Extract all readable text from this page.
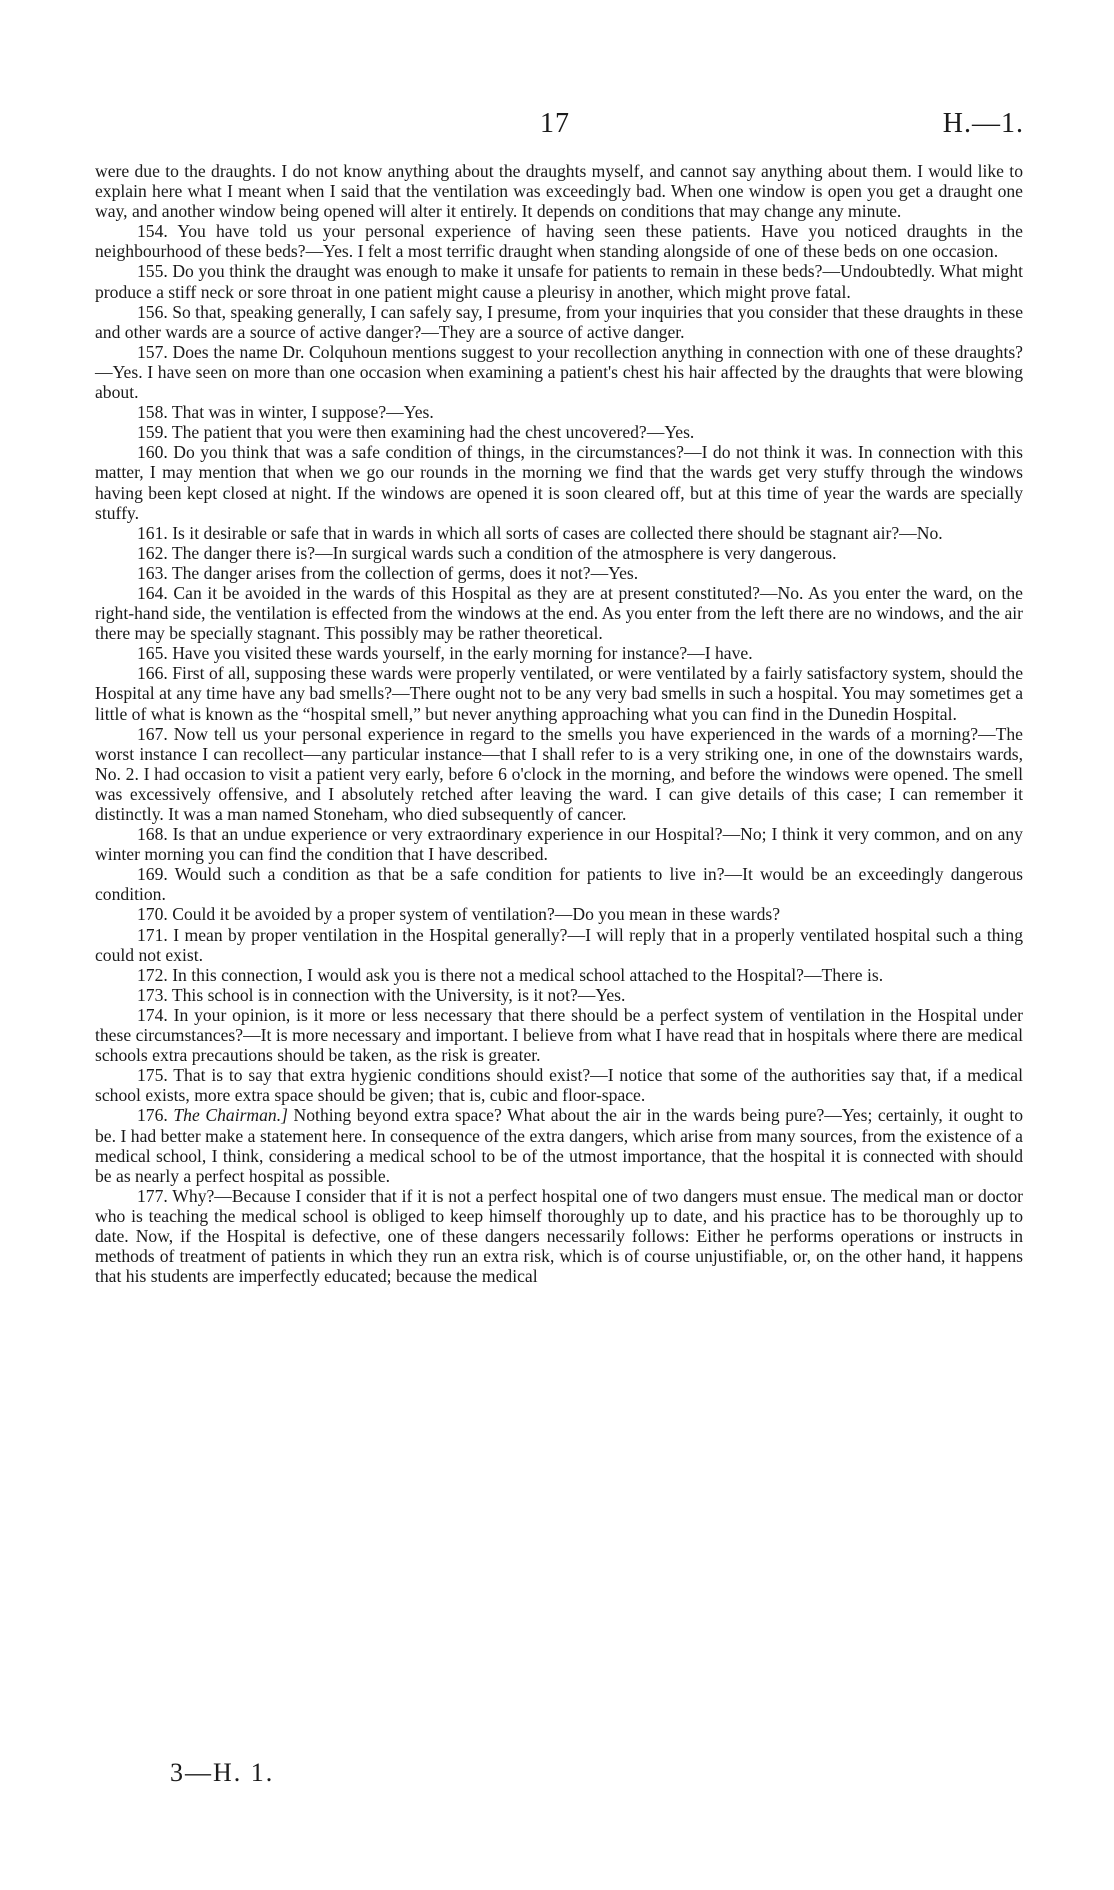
17	H.—1.

were due to the draughts. I do not know anything about the draughts myself, and cannot say anything about them. I would like to explain here what I meant when I said that the ventilation was exceedingly bad. When one window is open you get a draught one way, and another window being opened will alter it entirely. It depends on conditions that may change any minute.

154. You have told us your personal experience of having seen these patients. Have you noticed draughts in the neighbourhood of these beds?—Yes. I felt a most terrific draught when standing alongside of one of these beds on one occasion.

155. Do you think the draught was enough to make it unsafe for patients to remain in these beds?—Undoubtedly. What might produce a stiff neck or sore throat in one patient might cause a pleurisy in another, which might prove fatal.

156. So that, speaking generally, I can safely say, I presume, from your inquiries that you consider that these draughts in these and other wards are a source of active danger?—They are a source of active danger.

157. Does the name Dr. Colquhoun mentions suggest to your recollection anything in connection with one of these draughts?—Yes. I have seen on more than one occasion when examining a patient's chest his hair affected by the draughts that were blowing about.

158. That was in winter, I suppose?—Yes.

159. The patient that you were then examining had the chest uncovered?—Yes.

160. Do you think that was a safe condition of things, in the circumstances?—I do not think it was. In connection with this matter, I may mention that when we go our rounds in the morning we find that the wards get very stuffy through the windows having been kept closed at night. If the windows are opened it is soon cleared off, but at this time of year the wards are specially stuffy.

161. Is it desirable or safe that in wards in which all sorts of cases are collected there should be stagnant air?—No.

162. The danger there is?—In surgical wards such a condition of the atmosphere is very dangerous.

163. The danger arises from the collection of germs, does it not?—Yes.

164. Can it be avoided in the wards of this Hospital as they are at present constituted?—No. As you enter the ward, on the right-hand side, the ventilation is effected from the windows at the end. As you enter from the left there are no windows, and the air there may be specially stagnant. This possibly may be rather theoretical.

165. Have you visited these wards yourself, in the early morning for instance?—I have.

166. First of all, supposing these wards were properly ventilated, or were ventilated by a fairly satisfactory system, should the Hospital at any time have any bad smells?—There ought not to be any very bad smells in such a hospital. You may sometimes get a little of what is known as the “hospital smell,” but never anything approaching what you can find in the Dunedin Hospital.

167. Now tell us your personal experience in regard to the smells you have experienced in the wards of a morning?—The worst instance I can recollect—any particular instance—that I shall refer to is a very striking one, in one of the downstairs wards, No. 2. I had occasion to visit a patient very early, before 6 o'clock in the morning, and before the windows were opened. The smell was excessively offensive, and I absolutely retched after leaving the ward. I can give details of this case; I can remember it distinctly. It was a man named Stoneham, who died subsequently of cancer.

168. Is that an undue experience or very extraordinary experience in our Hospital?—No; I think it very common, and on any winter morning you can find the condition that I have described.

169. Would such a condition as that be a safe condition for patients to live in?—It would be an exceedingly dangerous condition.

170. Could it be avoided by a proper system of ventilation?—Do you mean in these wards?

171. I mean by proper ventilation in the Hospital generally?—I will reply that in a properly ventilated hospital such a thing could not exist.

172. In this connection, I would ask you is there not a medical school attached to the Hospital?—There is.

173. This school is in connection with the University, is it not?—Yes.

174. In your opinion, is it more or less necessary that there should be a perfect system of ventilation in the Hospital under these circumstances?—It is more necessary and important. I believe from what I have read that in hospitals where there are medical schools extra precautions should be taken, as the risk is greater.

175. That is to say that extra hygienic conditions should exist?—I notice that some of the authorities say that, if a medical school exists, more extra space should be given; that is, cubic and floor-space.

176. The Chairman.] Nothing beyond extra space? What about the air in the wards being pure?—Yes; certainly, it ought to be. I had better make a statement here. In consequence of the extra dangers, which arise from many sources, from the existence of a medical school, I think, considering a medical school to be of the utmost importance, that the hospital it is connected with should be as nearly a perfect hospital as possible.

177. Why?—Because I consider that if it is not a perfect hospital one of two dangers must ensue. The medical man or doctor who is teaching the medical school is obliged to keep himself thoroughly up to date, and his practice has to be thoroughly up to date. Now, if the Hospital is defective, one of these dangers necessarily follows: Either he performs operations or instructs in methods of treatment of patients in which they run an extra risk, which is of course unjustifiable, or, on the other hand, it happens that his students are imperfectly educated; because the medical

3—H. 1.
